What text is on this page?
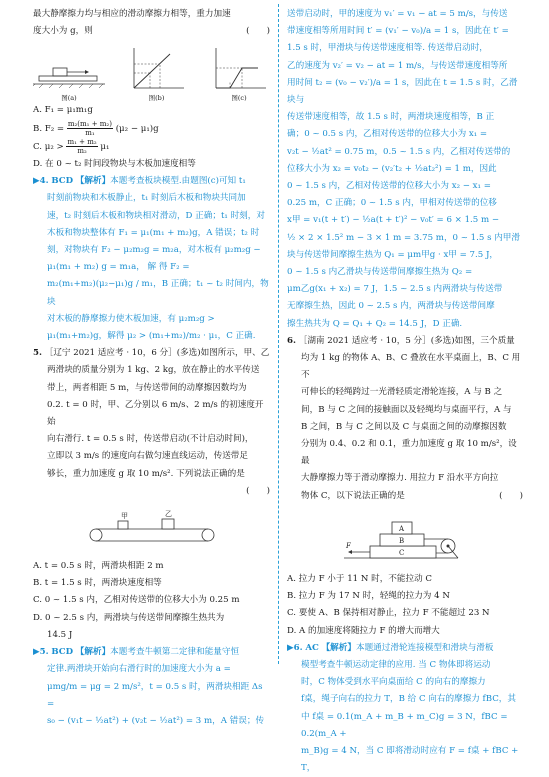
最大静摩擦力均与相应的滑动摩擦力相等，重力加速

度大小为 g，则	(　　)

图(a)	图(b)	图(c)

A. F₁ = μ₁m₁g

B. $F_2 = \frac{\text{m₂(m₁ + m₂)}}{\text{m₁}} (\mu_2 - \mu_1)g$

C. $\mu_2 > \frac{\text{m₁ + m₂}}{\text{m₂}} \mu_1$

D. 在 0 ~ t₂ 时间段物块与木板加速度相等

▶4. BCD 【解析】本题考查板块模型.由题图(c)可知 t₁

时刻前物块和木板静止，t₁ 时刻后木板和物块共同加

速，t₂ 时刻后木板和物块相对滑动，D 正确；t₁ 时刻，对

木板和物块整体有 F₁ = μ₁(m₁ + m₂)g，A 错误；t₂ 时

刻，对物块有 F₂ − μ₂m₂g = m₂a，对木板有 μ₂m₂g −

μ₁(m₁ + m₂) g = m₁a， 解 得 F₂ =

m₂(m₁+m₂)(μ₂−μ₁)g / m₁，B 正确；t₁ ~ t₂ 时间内，物块

对木板的静摩擦力使木板加速，有 μ₂m₂g >

μ₁(m₁+m₂)g，解得 μ₂ > (m₁+m₂)/m₂ · μ₁，C 正确.

5. ［辽宁 2021 适应考 · 10，6 分］(多选)如图所示，甲、乙

两滑块的质量分别为 1 kg、2 kg，放在静止的水平传送

带上，两者相距 5 m，与传送带间的动摩擦因数均为

0.2. t = 0 时，甲、乙分别以 6 m/s、2 m/s 的初速度开始

向右滑行. t = 0.5 s 时，传送带启动(不计启动时间)，

立即以 3 m/s 的速度向右做匀速直线运动，传送带足

够长，重力加速度 g 取 10 m/s². 下列说法正确的是

(　　)

甲	乙

A. t = 0.5 s 时，两滑块相距 2 m

B. t = 1.5 s 时，两滑块速度相等

C. 0 ~ 1.5 s 内，乙相对传送带的位移大小为 0.25 m

D. 0 ~ 2.5 s 内，两滑块与传送带间摩擦生热共为

14.5 J

▶5. BCD 【解析】本题考查牛顿第二定律和能量守恒

定律.两滑块开始向右滑行时的加速度大小为 a =

μmg/m = μg = 2 m/s²，t = 0.5 s 时，两滑块相距 Δs =

s₀ − (v₁t − ½at²) + (v₂t − ½at²) = 3 m，A 错误；传

送带启动时，甲的速度为 v₁′ = v₁ − at = 5 m/s，与传送

带速度相等所用时间 t′ = (v₁′ − v₀)/a = 1 s，因此在 t′ =

1.5 s 时，甲滑块与传送带速度相等. 传送带启动时，

乙的速度为 v₂′ = v₂ − at = 1 m/s，与传送带速度相等所

用时间 t₂ = (v₀ − v₂′)/a = 1 s，因此在 t = 1.5 s 时，乙滑块与

传送带速度相等，故 1.5 s 时，两滑块速度相等，B 正

确；0 ~ 0.5 s 内，乙相对传送带的位移大小为 x₁ =

v₂t − ½at² = 0.75 m，0.5 ~ 1.5 s 内，乙相对传送带的

位移大小为 x₂ = v₀t₂ − (v₂′t₂ + ½at₂²) = 1 m，因此

0 ~ 1.5 s 内，乙相对传送带的位移大小为 x₂ − x₁ =

0.25 m，C 正确；0 ~ 1.5 s 内，甲相对传送带的位移

x甲 = v₁(t + t′) − ½a(t + t′)² − v₀t′ = 6 × 1.5 m −

½ × 2 × 1.5² m − 3 × 1 m = 3.75 m，0 ~ 1.5 s 内甲滑

块与传送带间摩擦生热为 Q₁ = μm甲g · x甲 = 7.5 J，

0 ~ 1.5 s 内乙滑块与传送带间摩擦生热为 Q₂ =

μm乙g(x₁ + x₂) = 7 J，1.5 ~ 2.5 s 内两滑块与传送带

无摩擦生热，因此 0 ~ 2.5 s 内，两滑块与传送带间摩

擦生热共为 Q = Q₁ + Q₂ = 14.5 J，D 正确.

6. ［湖南 2021 适应考 · 10，5 分］(多选)如图，三个质量

均为 1 kg 的物体 A、B、C 叠放在水平桌面上，B、C 用不

可伸长的轻绳跨过一光滑轻质定滑轮连接，A 与 B 之

间，B 与 C 之间的接触面以及轻绳均与桌面平行，A 与

B 之间，B 与 C 之间以及 C 与桌面之间的动摩擦因数

分别为 0.4、0.2 和 0.1，重力加速度 g 取 10 m/s²，设最

大静摩擦力等于滑动摩擦力. 用拉力 F 沿水平方向拉

物体 C，以下说法正确的是	(　　)

A
B
C
F

A. 拉力 F 小于 11 N 时，不能拉动 C

B. 拉力 F 为 17 N 时，轻绳的拉力为 4 N

C. 要使 A、B 保持相对静止，拉力 F 不能超过 23 N

D. A 的加速度将随拉力 F 的增大而增大

▶6. AC 【解析】本题通过滑轮连接模型和滑块与滑板

模型考查牛顿运动定律的应用. 当 C 物体即将运动

时，C 物体受到水平向桌面给 C 的向右的摩擦力

f桌，绳子向右的拉力 T，B 给 C 向右的摩擦力 fBC，其

中 f桌 = 0.1(m_A + m_B + m_C)g = 3 N，fBC = 0.2(m_A +

m_B)g = 4 N，当 C 即将滑动时应有 F = f桌 + fBC + T，
